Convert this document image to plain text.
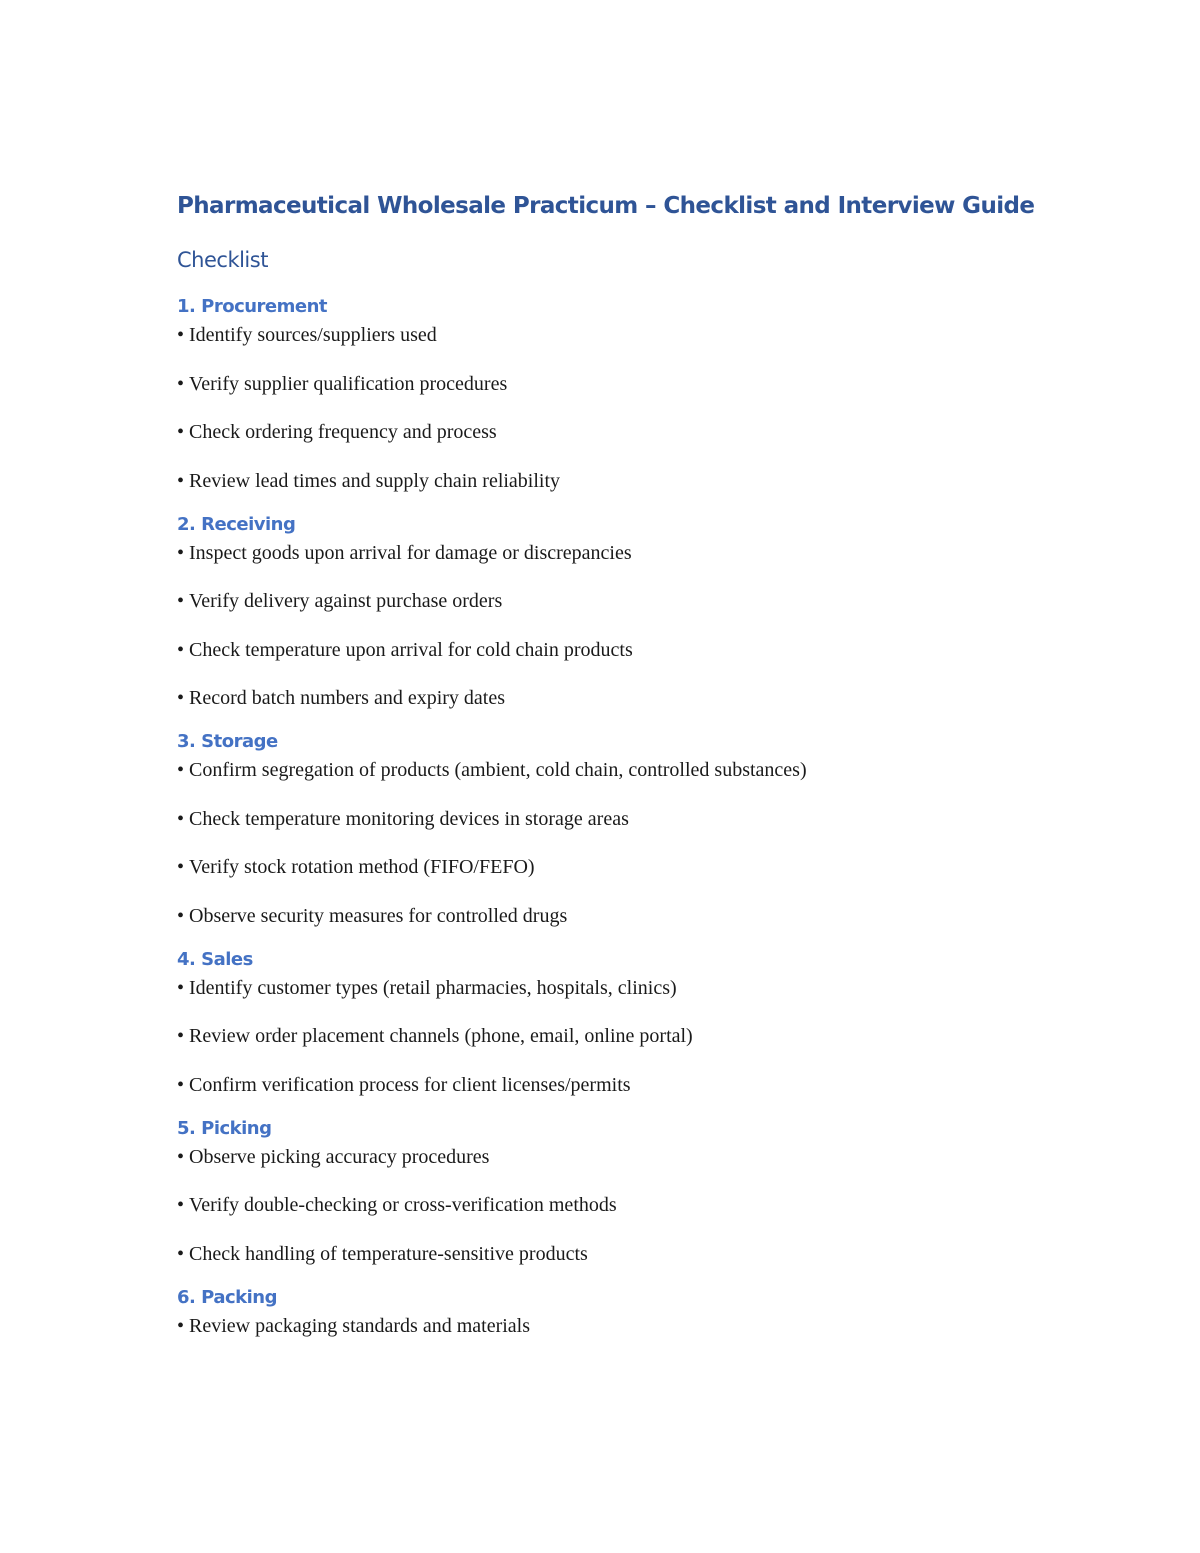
Pharmaceutical Wholesale Practicum – Checklist and Interview Guide
Checklist
1. Procurement
• Identify sources/suppliers used
• Verify supplier qualification procedures
• Check ordering frequency and process
• Review lead times and supply chain reliability
2. Receiving
• Inspect goods upon arrival for damage or discrepancies
• Verify delivery against purchase orders
• Check temperature upon arrival for cold chain products
• Record batch numbers and expiry dates
3. Storage
• Confirm segregation of products (ambient, cold chain, controlled substances)
• Check temperature monitoring devices in storage areas
• Verify stock rotation method (FIFO/FEFO)
• Observe security measures for controlled drugs
4. Sales
• Identify customer types (retail pharmacies, hospitals, clinics)
• Review order placement channels (phone, email, online portal)
• Confirm verification process for client licenses/permits
5. Picking
• Observe picking accuracy procedures
• Verify double-checking or cross-verification methods
• Check handling of temperature-sensitive products
6. Packing
• Review packaging standards and materials
